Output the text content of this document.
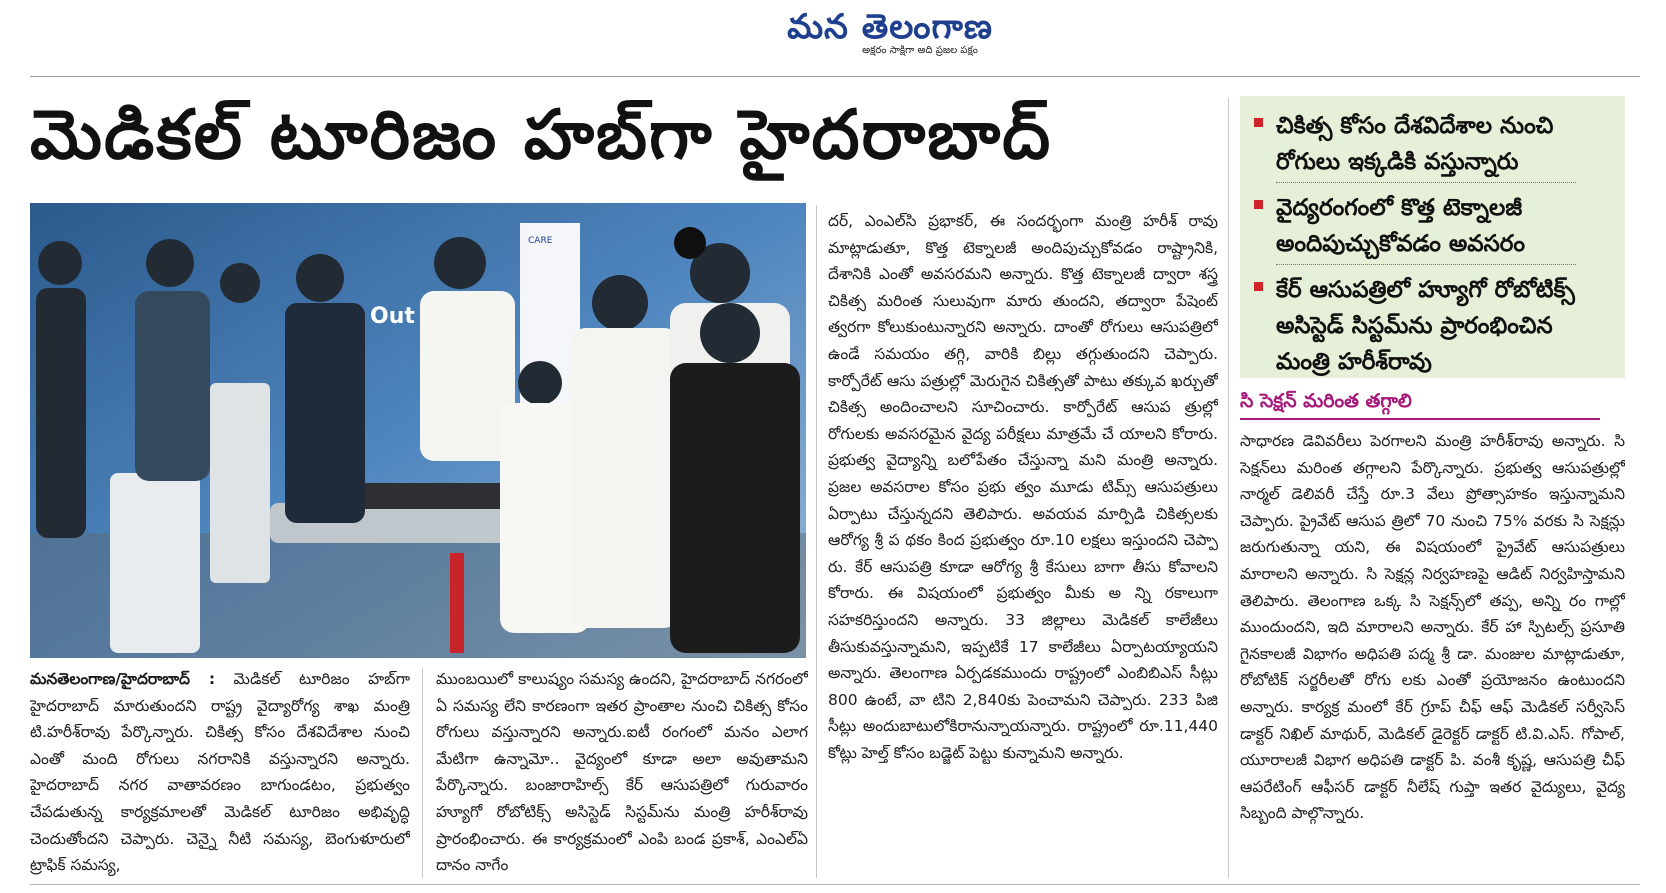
మన తెలంగాణ
అక్షరం సాక్షిగా అది ప్రజల పక్షం
మెడికల్ టూరిజం హబ్‌గా హైదరాబాద్	చికిత్స కోసం దేశవిదేశాల నుంచి రోగులు ఇక్కడికి వస్తున్నారు
వైద్యరంగంలో కొత్త టెక్నాలజీ అందిపుచ్చుకోవడం అవసరం
కేర్ ఆసుపత్రిలో హ్యూగో రోబోటిక్స్ అసిస్టెడ్ సిస్టమ్‌ను ప్రారంభించిన మంత్రి హరీశ్‌రావు
CARE
Out

మనతెలంగాణ/హైదరాబాద్ : మెడికల్ టూరిజం హబ్‌గా హైదరాబాద్ మారుతుందని రాష్ట్ర వైద్యారోగ్య శాఖ మంత్రి టి.హరీశ్‌రావు పేర్కొన్నారు. చికిత్స కోసం దేశవిదేశాల నుంచి ఎంతో మంది రోగులు నగరానికి వస్తున్నారని అన్నారు. హైదరాబాద్ నగర వాతావరణం బాగుండటం, ప్రభుత్వం చేపడుతున్న కార్యక్రమాలతో మెడికల్ టూరిజం అభివృద్ధి చెందుతోందని చెప్పారు. చెన్నై నీటి సమస్య, బెంగుళూరులో ట్రాఫిక్ సమస్య,

ముంబయిలో కాలుష్యం సమస్య ఉందని, హైదరాబాద్ నగరంలో ఏ సమస్య లేని కారణంగా ఇతర ప్రాంతాల నుంచి చికిత్స కోసం రోగులు వస్తున్నారని అన్నారు.ఐటీ రంగంలో మనం ఎలాగ మేటిగా ఉన్నామో.. వైద్యంలో కూడా అలా అవుతామని పేర్కొన్నారు. బంజారాహిల్స్ కేర్ ఆసుపత్రిలో గురువారం హ్యూగో రోబోటిక్స్ అసిస్టెడ్ సిస్టమ్‌ను మంత్రి హరీశ్‌రావు ప్రారంభించారు. ఈ కార్యక్రమంలో ఎంపి బండ ప్రకాశ్, ఎంఎల్‌ఏ దానం నాగేం

దర్, ఎంఎల్‌సి ప్రభాకర్, ఈ సందర్భంగా మంత్రి హరీశ్ రావు మాట్లాడుతూ, కొత్త టెక్నాలజీ అందిపుచ్చుకోవడం రాష్ట్రానికి, దేశానికి ఎంతో అవసరమని అన్నారు. కొత్త టెక్నాలజీ ద్వారా శస్త్ర చికిత్స మరింత సులువుగా మారు తుందని, తద్వారా పేషెంట్ త్వరగా కోలుకుంటున్నారని అన్నారు. దాంతో రోగులు ఆసుపత్రిలో ఉండే సమయం తగ్గి, వారికి బిల్లు తగ్గుతుందని చెప్పారు. కార్పోరేట్ ఆసు పత్రుల్లో మెరుగైన చికిత్సతో పాటు తక్కువ ఖర్చుతో చికిత్స అందించాలని సూచించారు. కార్పోరేట్ ఆసుప త్రుల్లో రోగులకు అవసరమైన వైద్య పరీక్షలు మాత్రమే చే యాలని కోరారు. ప్రభుత్వ వైద్యాన్ని బలోపేతం చేస్తున్నా మని మంత్రి అన్నారు. ప్రజల అవసరాల కోసం ప్రభు త్వం మూడు టిమ్స్ ఆసుపత్రులు ఏర్పాటు చేస్తున్నదని తెలిపారు. అవయవ మార్పిడి చికిత్సలకు ఆరోగ్య శ్రీ ప థకం కింద ప్రభుత్వం రూ.10 లక్షలు ఇస్తుందని చెప్పా రు. కేర్ ఆసుపత్రి కూడా ఆరోగ్య శ్రీ కేసులు బాగా తీసు కోవాలని కోరారు. ఈ విషయంలో ప్రభుత్వం మీకు అ న్ని రకాలుగా సహకరిస్తుందని అన్నారు. 33 జిల్లాలు మెడికల్ కాలేజీలు తీసుకువస్తున్నామని, ఇప్పటికే 17 కాలేజీలు ఏర్పాటయ్యాయని అన్నారు. తెలంగాణ ఏర్పడకముందు రాష్ట్రంలో ఎంబిబిఎస్ సీట్లు 800 ఉంటే, వా టిని 2,840కు పెంచామని చెప్పారు. 233 పిజి సీట్లు అందుబాటులోకిరానున్నాయన్నారు. రాష్ట్రంలో రూ.11,440 కోట్లు హెల్త్ కోసం బడ్జెట్ పెట్టు కున్నామని అన్నారు.

సి సెక్షన్ మరింత తగ్గాలి

సాధారణ డెవివరీలు పెరగాలని మంత్రి హరీశ్‌రావు అన్నారు. సి సెక్షన్‌లు మరింత తగ్గాలని పేర్కొన్నారు. ప్రభుత్వ ఆసుపత్రుల్లో నార్మల్ డెలివరీ చేస్తే రూ.3 వేలు ప్రోత్సాహకం ఇస్తున్నామని చెప్పారు. ప్రైవేట్ ఆసుప త్రిలో 70 నుంచి 75% వరకు సి సెక్షన్లు జరుగుతున్నా యని, ఈ విషయంలో ప్రైవేట్ ఆసుపత్రులు మారాలని అన్నారు. సి సెక్షన్ల నిర్వహణపై ఆడిట్ నిర్వహిస్తామని తెలిపారు. తెలంగాణ ఒక్క సి సెక్షన్స్‌లో తప్ప, అన్ని రం గాల్లో ముందుందని, ఇది మారాలని అన్నారు. కేర్ హా స్పిటల్స్ ప్రసూతి గైనకాలజీ విభాగం అధిపతి పద్మ శ్రీ డా. మంజుల మాట్లాడుతూ, రోబోటిక్ సర్జరీలతో రోగు లకు ఎంతో ప్రయోజనం ఉంటుందని అన్నారు. కార్యక్ర మంలో కేర్ గ్రూప్ చీఫ్ ఆఫ్ మెడికల్ సర్వీసెస్ డాక్టర్ నిఖిల్ మాథుర్, మెడికల్ డైరెక్టర్ డాక్టర్ టి.వి.ఎస్. గోపాల్, యూరాలజీ విభాగ అధిపతి డాక్టర్ పి. వంశీ కృష్ణ, ఆసుపత్రి చీఫ్ ఆపరేటింగ్ ఆఫీసర్ డాక్టర్ నీలేష్ గుప్తా ఇతర వైద్యులు, వైద్య సిబ్బంది పాల్గొన్నారు.
